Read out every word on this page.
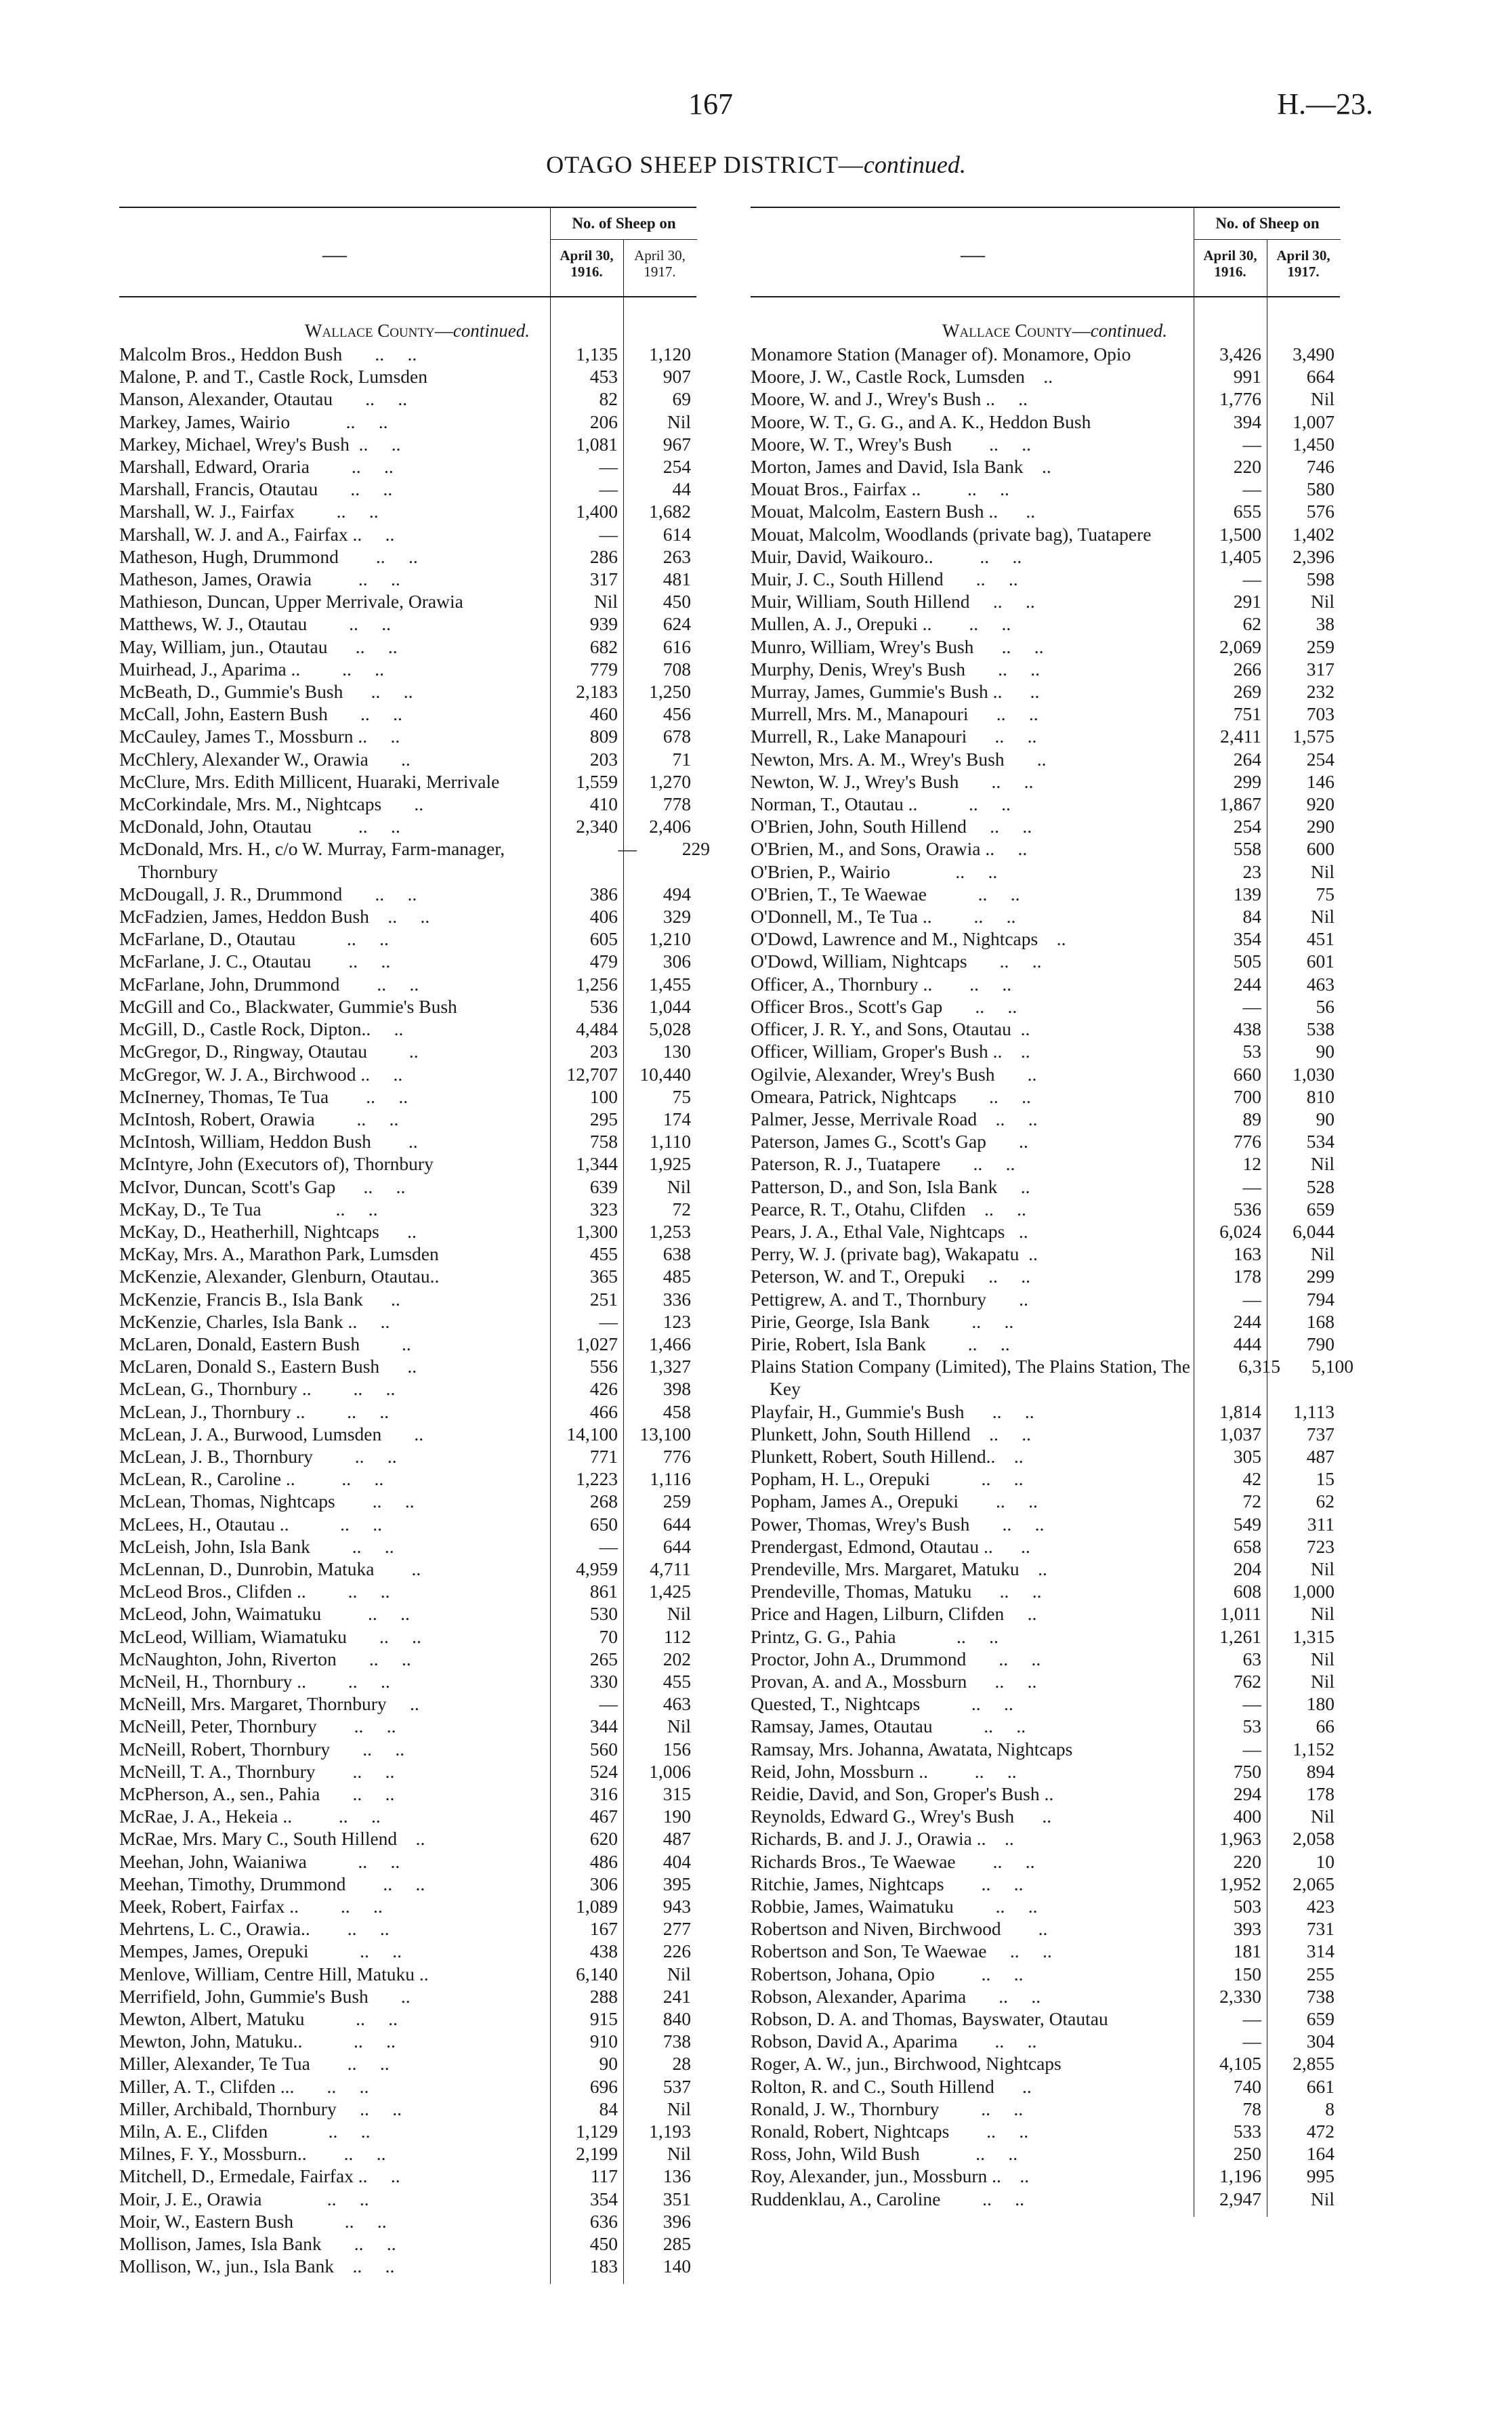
167	H.—23.
OTAGO SHEEP DISTRICT—continued.
—
No. of Sheep on
April 30,
1916.
April 30,
1917.
Wallace County—continued.
Malcolm Bros., Heddon Bush       ..     ..	1,135	1,120
Malone, P. and T., Castle Rock, Lumsden	453	907
Manson, Alexander, Otautau       ..     ..	82	69
Markey, James, Wairio            ..     ..	206	Nil
Markey, Michael, Wrey's Bush  ..     ..	1,081	967
Marshall, Edward, Oraria         ..     ..	—	254
Marshall, Francis, Otautau       ..     ..	—	44
Marshall, W. J., Fairfax         ..     ..	1,400	1,682
Marshall, W. J. and A., Fairfax ..     ..	—	614
Matheson, Hugh, Drummond        ..     ..	286	263
Matheson, James, Orawia          ..     ..	317	481
Mathieson, Duncan, Upper Merrivale, Orawia	Nil	450
Matthews, W. J., Otautau         ..     ..	939	624
May, William, jun., Otautau      ..     ..	682	616
Muirhead, J., Aparima ..         ..     ..	779	708
McBeath, D., Gummie's Bush      ..     ..	2,183	1,250
McCall, John, Eastern Bush       ..     ..	460	456
McCauley, James T., Mossburn ..     ..	809	678
McChlery, Alexander W., Orawia       ..	203	71
McClure, Mrs. Edith Millicent, Huaraki, Merrivale	1,559	1,270
McCorkindale, Mrs. M., Nightcaps       ..	410	778
McDonald, John, Otautau          ..     ..	2,340	2,406
McDonald, Mrs. H., c/o W. Murray, Farm-manager, Thornbury
—	229
McDougall, J. R., Drummond       ..     ..	386	494
McFadzien, James, Heddon Bush    ..     ..	406	329
McFarlane, D., Otautau           ..     ..	605	1,210
McFarlane, J. C., Otautau        ..     ..	479	306
McFarlane, John, Drummond        ..     ..	1,256	1,455
McGill and Co., Blackwater, Gummie's Bush	536	1,044
McGill, D., Castle Rock, Dipton..     ..	4,484	5,028
McGregor, D., Ringway, Otautau         ..	203	130
McGregor, W. J. A., Birchwood ..     ..	12,707	10,440
McInerney, Thomas, Te Tua        ..     ..	100	75
McIntosh, Robert, Orawia         ..     ..	295	174
McIntosh, William, Heddon Bush        ..	758	1,110
McIntyre, John (Executors of), Thornbury	1,344	1,925
McIvor, Duncan, Scott's Gap      ..     ..	639	Nil
McKay, D., Te Tua                ..     ..	323	72
McKay, D., Heatherhill, Nightcaps      ..	1,300	1,253
McKay, Mrs. A., Marathon Park, Lumsden	455	638
McKenzie, Alexander, Glenburn, Otautau..	365	485
McKenzie, Francis B., Isla Bank      ..	251	336
McKenzie, Charles, Isla Bank ..     ..	—	123
McLaren, Donald, Eastern Bush         ..	1,027	1,466
McLaren, Donald S., Eastern Bush      ..	556	1,327
McLean, G., Thornbury ..         ..     ..	426	398
McLean, J., Thornbury ..         ..     ..	466	458
McLean, J. A., Burwood, Lumsden       ..	14,100	13,100
McLean, J. B., Thornbury         ..     ..	771	776
McLean, R., Caroline ..          ..     ..	1,223	1,116
McLean, Thomas, Nightcaps        ..     ..	268	259
McLees, H., Otautau ..           ..     ..	650	644
McLeish, John, Isla Bank         ..     ..	—	644
McLennan, D., Dunrobin, Matuka        ..	4,959	4,711
McLeod Bros., Clifden ..         ..     ..	861	1,425
McLeod, John, Waimatuku          ..     ..	530	Nil
McLeod, William, Wiamatuku       ..     ..	70	112
McNaughton, John, Riverton       ..     ..	265	202
McNeil, H., Thornbury ..         ..     ..	330	455
McNeill, Mrs. Margaret, Thornbury     ..	—	463
McNeill, Peter, Thornbury        ..     ..	344	Nil
McNeill, Robert, Thornbury       ..     ..	560	156
McNeill, T. A., Thornbury        ..     ..	524	1,006
McPherson, A., sen., Pahia       ..     ..	316	315
McRae, J. A., Hekeia ..          ..     ..	467	190
McRae, Mrs. Mary C., South Hillend    ..	620	487
Meehan, John, Waianiwa           ..     ..	486	404
Meehan, Timothy, Drummond        ..     ..	306	395
Meek, Robert, Fairfax ..         ..     ..	1,089	943
Mehrtens, L. C., Orawia..        ..     ..	167	277
Mempes, James, Orepuki           ..     ..	438	226
Menlove, William, Centre Hill, Matuku ..	6,140	Nil
Merrifield, John, Gummie's Bush       ..	288	241
Mewton, Albert, Matuku           ..     ..	915	840
Mewton, John, Matuku..           ..     ..	910	738
Miller, Alexander, Te Tua        ..     ..	90	28
Miller, A. T., Clifden ...       ..     ..	696	537
Miller, Archibald, Thornbury     ..     ..	84	Nil
Miln, A. E., Clifden             ..     ..	1,129	1,193
Milnes, F. Y., Mossburn..        ..     ..	2,199	Nil
Mitchell, D., Ermedale, Fairfax ..     ..	117	136
Moir, J. E., Orawia              ..     ..	354	351
Moir, W., Eastern Bush           ..     ..	636	396
Mollison, James, Isla Bank       ..     ..	450	285
Mollison, W., jun., Isla Bank    ..     ..	183	140
—
No. of Sheep on
April 30,
1916.
April 30,
1917.
Wallace County—continued.
Monamore Station (Manager of). Monamore, Opio	3,426	3,490
Moore, J. W., Castle Rock, Lumsden    ..	991	664
Moore, W. and J., Wrey's Bush ..     ..	1,776	Nil
Moore, W. T., G. G., and A. K., Heddon Bush	394	1,007
Moore, W. T., Wrey's Bush        ..     ..	—	1,450
Morton, James and David, Isla Bank    ..	220	746
Mouat Bros., Fairfax ..          ..     ..	—	580
Mouat, Malcolm, Eastern Bush ..      ..	655	576
Mouat, Malcolm, Woodlands (private bag), Tuatapere	1,500	1,402
Muir, David, Waikouro..          ..     ..	1,405	2,396
Muir, J. C., South Hillend       ..     ..	—	598
Muir, William, South Hillend     ..     ..	291	Nil
Mullen, A. J., Orepuki ..        ..     ..	62	38
Munro, William, Wrey's Bush      ..     ..	2,069	259
Murphy, Denis, Wrey's Bush       ..     ..	266	317
Murray, James, Gummie's Bush ..      ..	269	232
Murrell, Mrs. M., Manapouri      ..     ..	751	703
Murrell, R., Lake Manapouri      ..     ..	2,411	1,575
Newton, Mrs. A. M., Wrey's Bush       ..	264	254
Newton, W. J., Wrey's Bush       ..     ..	299	146
Norman, T., Otautau ..           ..     ..	1,867	920
O'Brien, John, South Hillend     ..     ..	254	290
O'Brien, M., and Sons, Orawia ..     ..	558	600
O'Brien, P., Wairio              ..     ..	23	Nil
O'Brien, T., Te Waewae           ..     ..	139	75
O'Donnell, M., Te Tua ..         ..     ..	84	Nil
O'Dowd, Lawrence and M., Nightcaps    ..	354	451
O'Dowd, William, Nightcaps       ..     ..	505	601
Officer, A., Thornbury ..        ..     ..	244	463
Officer Bros., Scott's Gap       ..     ..	—	56
Officer, J. R. Y., and Sons, Otautau  ..	438	538
Officer, William, Groper's Bush ..    ..	53	90
Ogilvie, Alexander, Wrey's Bush       ..	660	1,030
Omeara, Patrick, Nightcaps       ..     ..	700	810
Palmer, Jesse, Merrivale Road    ..     ..	89	90
Paterson, James G., Scott's Gap       ..	776	534
Paterson, R. J., Tuatapere       ..     ..	12	Nil
Patterson, D., and Son, Isla Bank     ..	—	528
Pearce, R. T., Otahu, Clifden    ..     ..	536	659
Pears, J. A., Ethal Vale, Nightcaps   ..	6,024	6,044
Perry, W. J. (private bag), Wakapatu  ..	163	Nil
Peterson, W. and T., Orepuki     ..     ..	178	299
Pettigrew, A. and T., Thornbury       ..	—	794
Pirie, George, Isla Bank         ..     ..	244	168
Pirie, Robert, Isla Bank         ..     ..	444	790
Plains Station Company (Limited), The Plains Station, The Key
6,315	5,100
Playfair, H., Gummie's Bush      ..     ..	1,814	1,113
Plunkett, John, South Hillend    ..     ..	1,037	737
Plunkett, Robert, South Hillend..    ..	305	487
Popham, H. L., Orepuki           ..     ..	42	15
Popham, James A., Orepuki        ..     ..	72	62
Power, Thomas, Wrey's Bush       ..     ..	549	311
Prendergast, Edmond, Otautau ..      ..	658	723
Prendeville, Mrs. Margaret, Matuku    ..	204	Nil
Prendeville, Thomas, Matuku      ..     ..	608	1,000
Price and Hagen, Lilburn, Clifden     ..	1,011	Nil
Printz, G. G., Pahia             ..     ..	1,261	1,315
Proctor, John A., Drummond       ..     ..	63	Nil
Provan, A. and A., Mossburn      ..     ..	762	Nil
Quested, T., Nightcaps           ..     ..	—	180
Ramsay, James, Otautau           ..     ..	53	66
Ramsay, Mrs. Johanna, Awatata, Nightcaps	—	1,152
Reid, John, Mossburn ..          ..     ..	750	894
Reidie, David, and Son, Groper's Bush ..	294	178
Reynolds, Edward G., Wrey's Bush      ..	400	Nil
Richards, B. and J. J., Orawia ..    ..	1,963	2,058
Richards Bros., Te Waewae        ..     ..	220	10
Ritchie, James, Nightcaps        ..     ..	1,952	2,065
Robbie, James, Waimatuku         ..     ..	503	423
Robertson and Niven, Birchwood        ..	393	731
Robertson and Son, Te Waewae     ..     ..	181	314
Robertson, Johana, Opio          ..     ..	150	255
Robson, Alexander, Aparima       ..     ..	2,330	738
Robson, D. A. and Thomas, Bayswater, Otautau	—	659
Robson, David A., Aparima        ..     ..	—	304
Roger, A. W., jun., Birchwood, Nightcaps	4,105	2,855
Rolton, R. and C., South Hillend      ..	740	661
Ronald, J. W., Thornbury         ..     ..	78	8
Ronald, Robert, Nightcaps        ..     ..	533	472
Ross, John, Wild Bush            ..     ..	250	164
Roy, Alexander, jun., Mossburn ..    ..	1,196	995
Ruddenklau, A., Caroline         ..     ..	2,947	Nil
